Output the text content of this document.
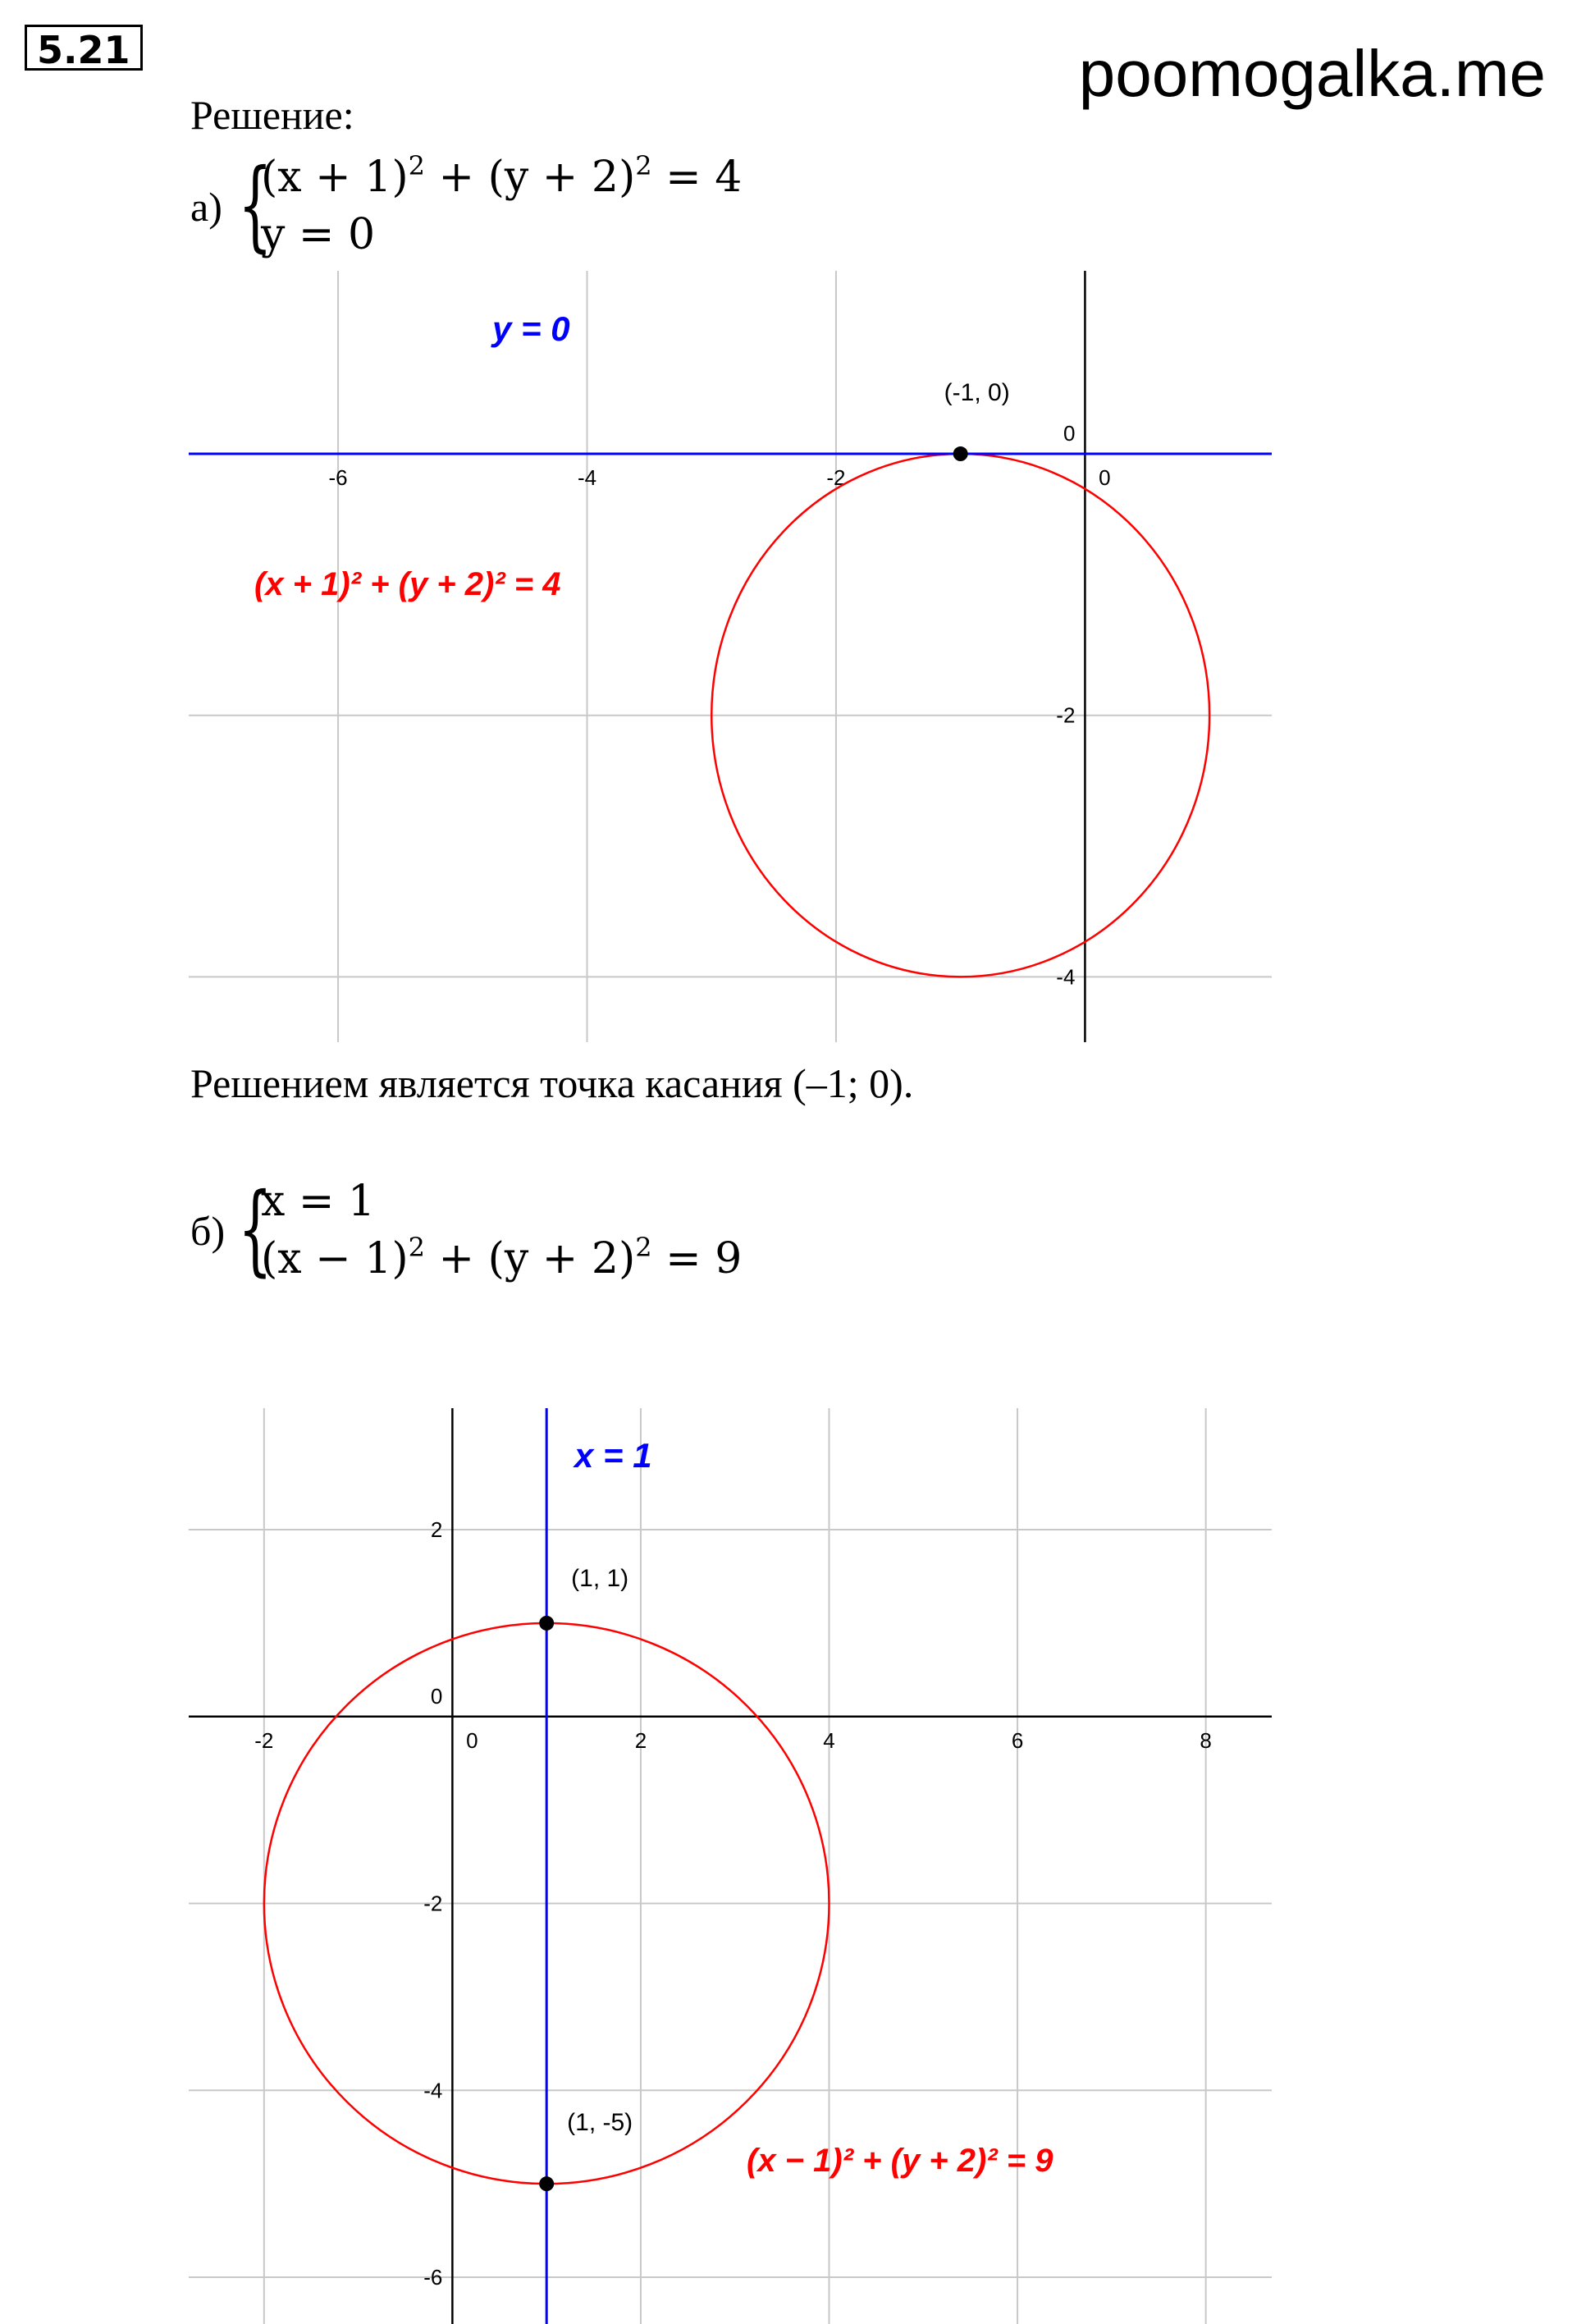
5.21	poomogalka.me
Решение:
а) {
$(x + 1)^2 + (y + 2)^2 = 4$
y = 0
-6	-4	-2	0
0
-2
-4
(-1, 0)
y = 0
(x + 1)² + (y + 2)² = 4
Решением является точка касания (–1; 0).
б) {
x = 1
$(x - 1)^2 + (y + 2)^2 = 9$
-2	0	2	4	6	8
2
0
-2
-4
-6
(1, 1)
(1, -5)
x = 1
(x − 1)² + (y + 2)² = 9
